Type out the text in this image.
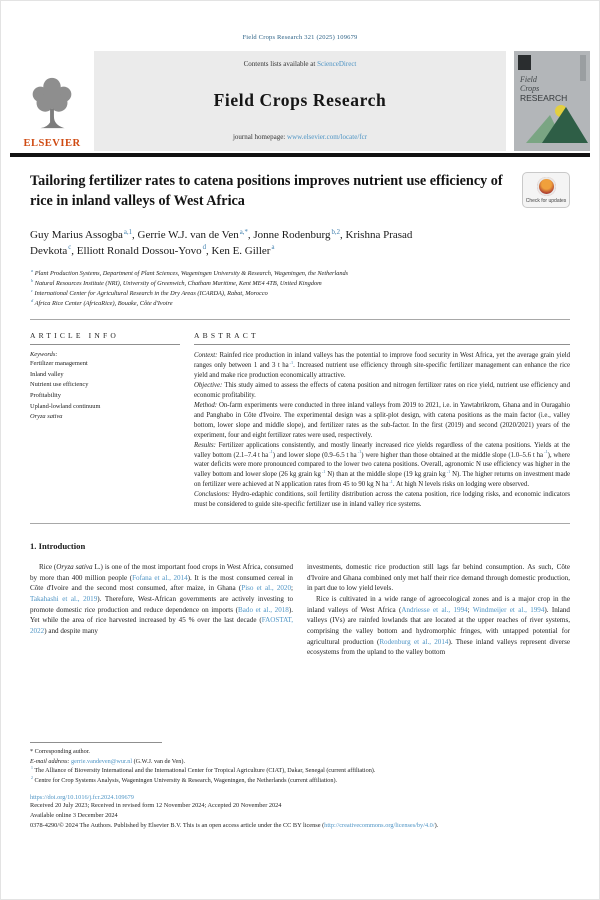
Field Crops Research 321 (2025) 109679
ELSEVIER
Contents lists available at ScienceDirect
Field Crops Research
journal homepage: www.elsevier.com/locate/fcr
Field
Crops
RESEARCH
Tailoring fertilizer rates to catena positions improves nutrient use efficiency of rice in inland valleys of West Africa	Check for updates
Guy Marius Assogba$^{a,1}$, Gerrie W.J. van de Ven$^{a,*}$, Jonne Rodenburg$^{b,2}$, Krishna Prasad Devkota$^c$, Elliott Ronald Dossou-Yovo$^d$, Ken E. Giller$^a$
$^a$ Plant Production Systems, Department of Plant Sciences, Wageningen University & Research, Wageningen, the Netherlands
$^b$ Natural Resources Institute (NRI), University of Greenwich, Chatham Maritime, Kent ME4 4TB, United Kingdom
$^c$ International Center for Agricultural Research in the Dry Areas (ICARDA), Rabat, Morocco
$^d$ Africa Rice Center (AfricaRice), Bouake, Côte d'Ivoire
ARTICLE INFO
Keywords:
Fertilizer management
Inland valley
Nutrient use efficiency
Profitability
Upland-lowland continuum
Oryza sativa
ABSTRACT
Context: Rainfed rice production in inland valleys has the potential to improve food security in West Africa, yet the average grain yield ranges only between 1 and 3 t $ha^{-1}$. Increased nutrient use efficiency through site-specific fertilizer management can enhance the rice yield and make rice production economically attractive.
Objective: This study aimed to assess the effects of catena position and nitrogen fertilizer rates on rice yield, nutrient use efficiency and economic profitability.
Method: On-farm experiments were conducted in three inland valleys from 2019 to 2021, i.e. in Yawtabrikrom, Ghana and in Ouragahio and Panghabo in Côte d'Ivoire. The experimental design was a split-plot design, with catena positions as the main factor (i.e., valley bottom, lower slope and middle slope), and fertilizer rates as the sub-factor. In the first (2019) and second (2020/2021) years of the experiment, four and eight fertilizer rates were used, respectively.
Results: Fertilizer applications consistently, and mostly linearly increased rice yields regardless of the catena positions. Yields at the valley bottom (2.1–7.4 t $ha^{-1}$) and lower slope (0.9–6.5 t $ha^{-1}$) were higher than those obtained at the middle slope (1.0–5.6 t $ha^{-1}$), where water deficits were more pronounced compared to the lower two catena positions. Overall, agronomic N use efficiency was higher in the valley bottom and lower slope (26 kg grain $kg^{-1}$ N) than at the middle slope (19 kg grain $kg^{-1}$ N). The higher returns on investment made on fertilizer were achieved at N application rates from 45 to 90 kg N $ha^{-1}$. At high N levels risks on lodging were observed.
Conclusions: Hydro-edaphic conditions, soil fertility distribution across the catena position, rice lodging risks, and economic indicators must be considered to guide site-specific fertilizer use in inland valley rice systems.
1. Introduction

Rice (Oryza sativa L.) is one of the most important food crops in West Africa, consumed by more than 400 million people (Fofana et al., 2014). It is the most consumed cereal in Côte d'Ivoire and the second most consumed, after maize, in Ghana (Piso et al., 2020; Takahashi et al., 2019). Therefore, West-African governments are actively investing to promote domestic rice production and reduce dependence on imports (Bado et al., 2018). Yet while the area of rice harvested increased by 45 % over the last decade (FAOSTAT, 2022) and despite many

investments, domestic rice production still lags far behind consumption. As such, Côte d'Ivoire and Ghana combined only met half their rice demand through domestic production, in part due to low yield levels.

Rice is cultivated in a wide range of agroecological zones and is a major crop in the inland valleys of West Africa (Andriesse et al., 1994; Windmeijer et al., 1994). Inland valleys (IVs) are rainfed lowlands that are located at the upper reaches of river systems, comprising the valley bottom and hydromorphic fringes, with untapped potential for agricultural production (Rodenburg et al., 2014). These inland valleys represent diverse ecosystems from the upland to the valley bottom

* Corresponding author.
E-mail address: gerrie.vandeven@wur.nl (G.W.J. van de Ven).
$^1$ The Alliance of Bioversity International and the International Center for Tropical Agriculture (CIAT), Dakar, Senegal (current affiliation).
$^2$ Centre for Crop Systems Analysis, Wageningen University & Research, Wageningen, the Netherlands (current affiliation).
https://doi.org/10.1016/j.fcr.2024.109679
Received 20 July 2023; Received in revised form 12 November 2024; Accepted 20 November 2024
Available online 3 December 2024
0378-4290/© 2024 The Authors. Published by Elsevier B.V. This is an open access article under the CC BY license (http://creativecommons.org/licenses/by/4.0/).
